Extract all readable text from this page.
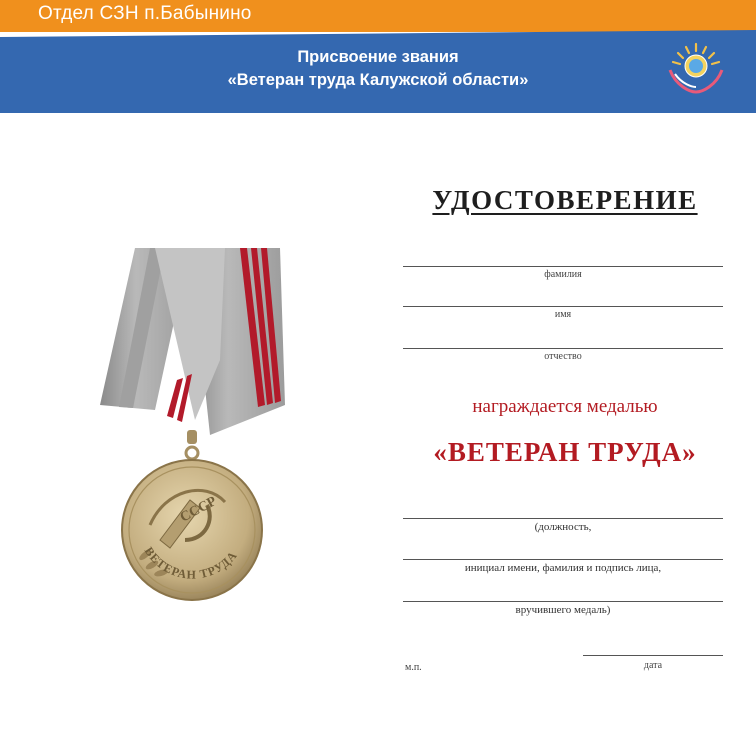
Отдел СЗН п.Бабынино
Присвоение звания
«Ветеран труда Калужской области»
СССР
ВЕТЕРАН ТРУДА
УДОСТОВЕРЕНИЕ
фамилия
имя
отчество
награждается медалью
«ВЕТЕРАН ТРУДА»
(должность,
инициал имени, фамилия и подпись лица,
вручившего медаль)
м.п.	дата
